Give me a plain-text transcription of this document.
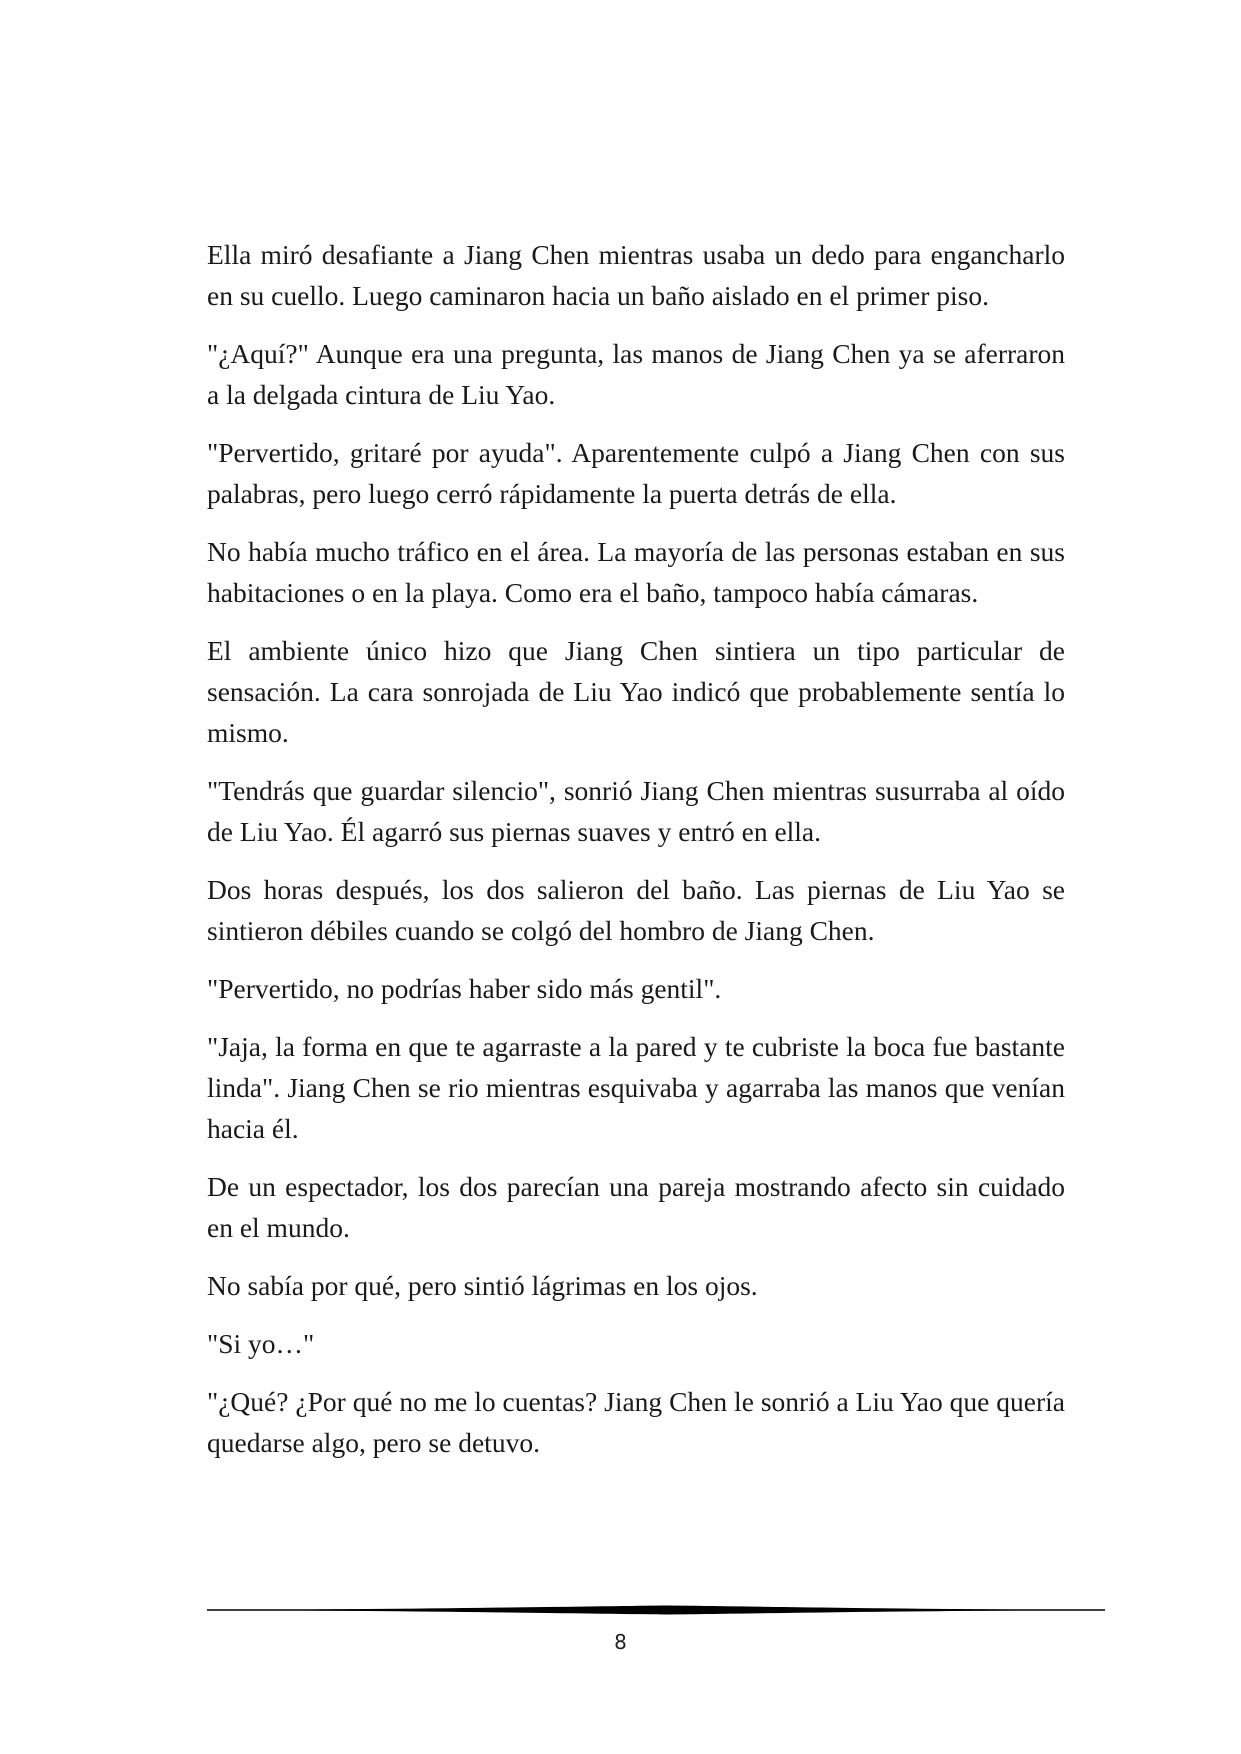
Ella miró desafiante a Jiang Chen mientras usaba un dedo para engancharlo en su cuello. Luego caminaron hacia un baño aislado en el primer piso.

"¿Aquí?" Aunque era una pregunta, las manos de Jiang Chen ya se aferraron a la delgada cintura de Liu Yao.

"Pervertido, gritaré por ayuda". Aparentemente culpó a Jiang Chen con sus palabras, pero luego cerró rápidamente la puerta detrás de ella.

No había mucho tráfico en el área. La mayoría de las personas estaban en sus habitaciones o en la playa. Como era el baño, tampoco había cámaras.

El ambiente único hizo que Jiang Chen sintiera un tipo particular de sensación. La cara sonrojada de Liu Yao indicó que probablemente sentía lo mismo.

"Tendrás que guardar silencio", sonrió Jiang Chen mientras susurraba al oído de Liu Yao. Él agarró sus piernas suaves y entró en ella.

Dos horas después, los dos salieron del baño. Las piernas de Liu Yao se sintieron débiles cuando se colgó del hombro de Jiang Chen.

"Pervertido, no podrías haber sido más gentil".

"Jaja, la forma en que te agarraste a la pared y te cubriste la boca fue bastante linda". Jiang Chen se rio mientras esquivaba y agarraba las manos que venían hacia él.

De un espectador, los dos parecían una pareja mostrando afecto sin cuidado en el mundo.

No sabía por qué, pero sintió lágrimas en los ojos.

"Si yo…"

"¿Qué? ¿Por qué no me lo cuentas? Jiang Chen le sonrió a Liu Yao que quería quedarse algo, pero se detuvo.

8
